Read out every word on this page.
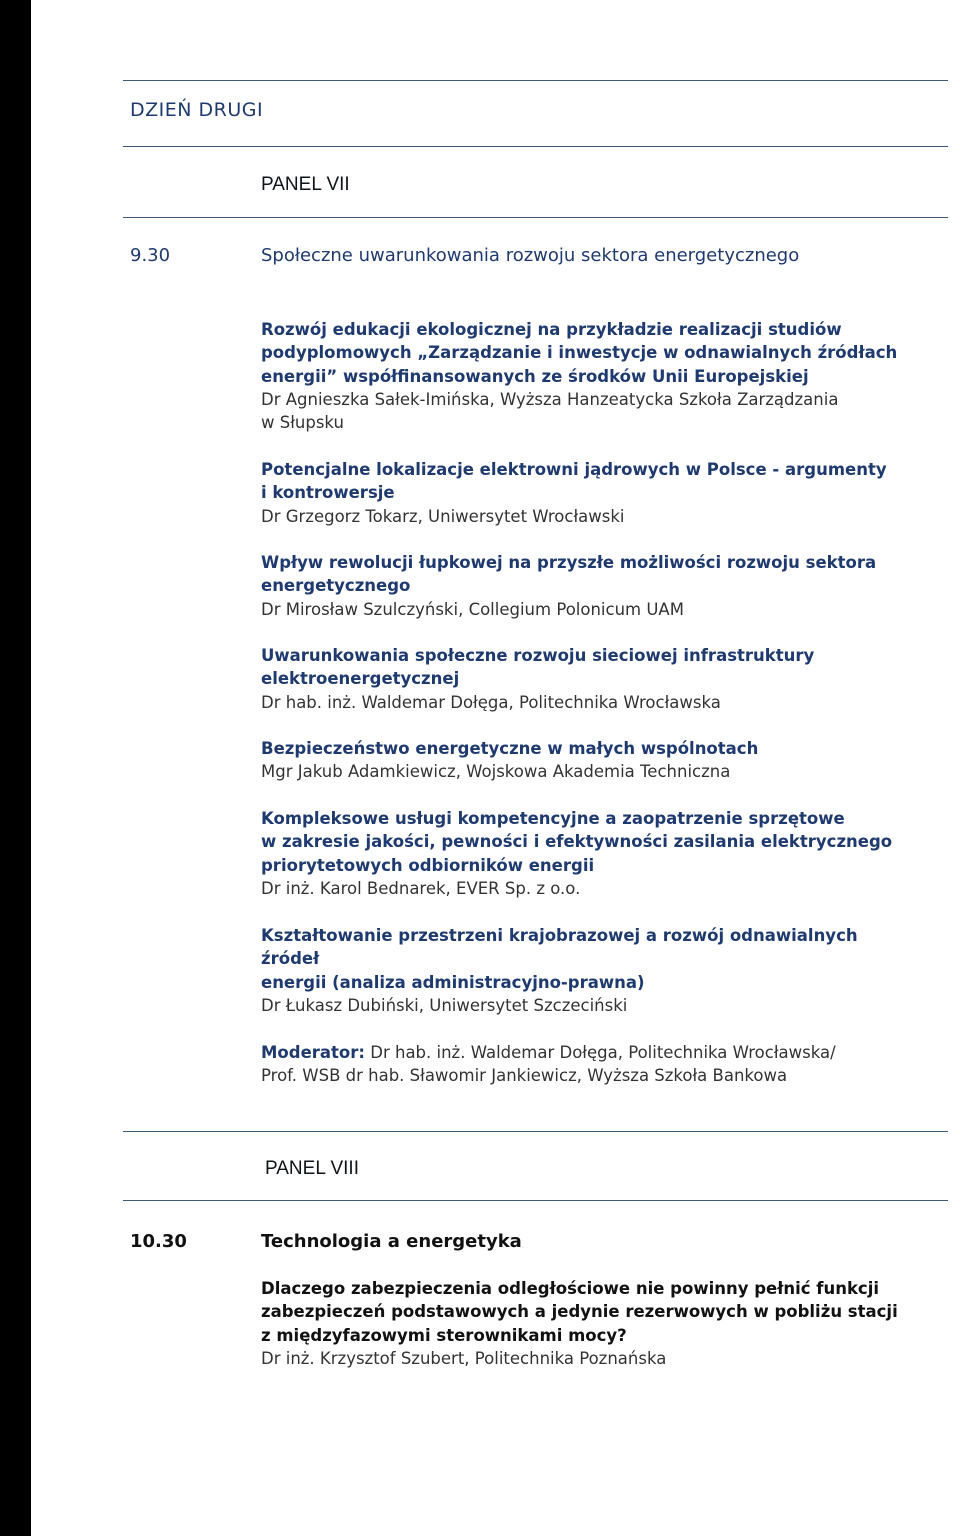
DZIEŃ DRUGI
PANEL VII
9.30	Społeczne uwarunkowania rozwoju sektora energetycznego
Rozwój edukacji ekologicznej na przykładzie realizacji studiów
podyplomowych „Zarządzanie i inwestycje w odnawialnych źródłach
energii” współfinansowanych ze środków Unii Europejskiej
Dr Agnieszka Sałek-Imińska, Wyższa Hanzeatycka Szkoła Zarządzania
w Słupsku
Potencjalne lokalizacje elektrowni jądrowych w Polsce - argumenty
i kontrowersje
Dr Grzegorz Tokarz, Uniwersytet Wrocławski
Wpływ rewolucji łupkowej na przyszłe możliwości rozwoju sektora
energetycznego
Dr Mirosław Szulczyński, Collegium Polonicum UAM
Uwarunkowania społeczne rozwoju sieciowej infrastruktury
elektroenergetycznej
Dr hab. inż. Waldemar Dołęga, Politechnika Wrocławska
Bezpieczeństwo energetyczne w małych wspólnotach
Mgr Jakub Adamkiewicz, Wojskowa Akademia Techniczna
Kompleksowe usługi kompetencyjne a zaopatrzenie sprzętowe
w zakresie jakości, pewności i efektywności zasilania elektrycznego
priorytetowych odbiorników energii
Dr inż. Karol Bednarek, EVER Sp. z o.o.
Kształtowanie przestrzeni krajobrazowej a rozwój odnawialnych źródeł
energii (analiza administracyjno-prawna)
Dr Łukasz Dubiński, Uniwersytet Szczeciński
Moderator: Dr hab. inż. Waldemar Dołęga, Politechnika Wrocławska/
Prof. WSB dr hab. Sławomir Jankiewicz, Wyższa Szkoła Bankowa
PANEL VIII
10.30	Technologia a energetyka
Dlaczego zabezpieczenia odległościowe nie powinny pełnić funkcji
zabezpieczeń podstawowych a jedynie rezerwowych w pobliżu stacji
z międzyfazowymi sterownikami mocy?
Dr inż. Krzysztof Szubert, Politechnika Poznańska
